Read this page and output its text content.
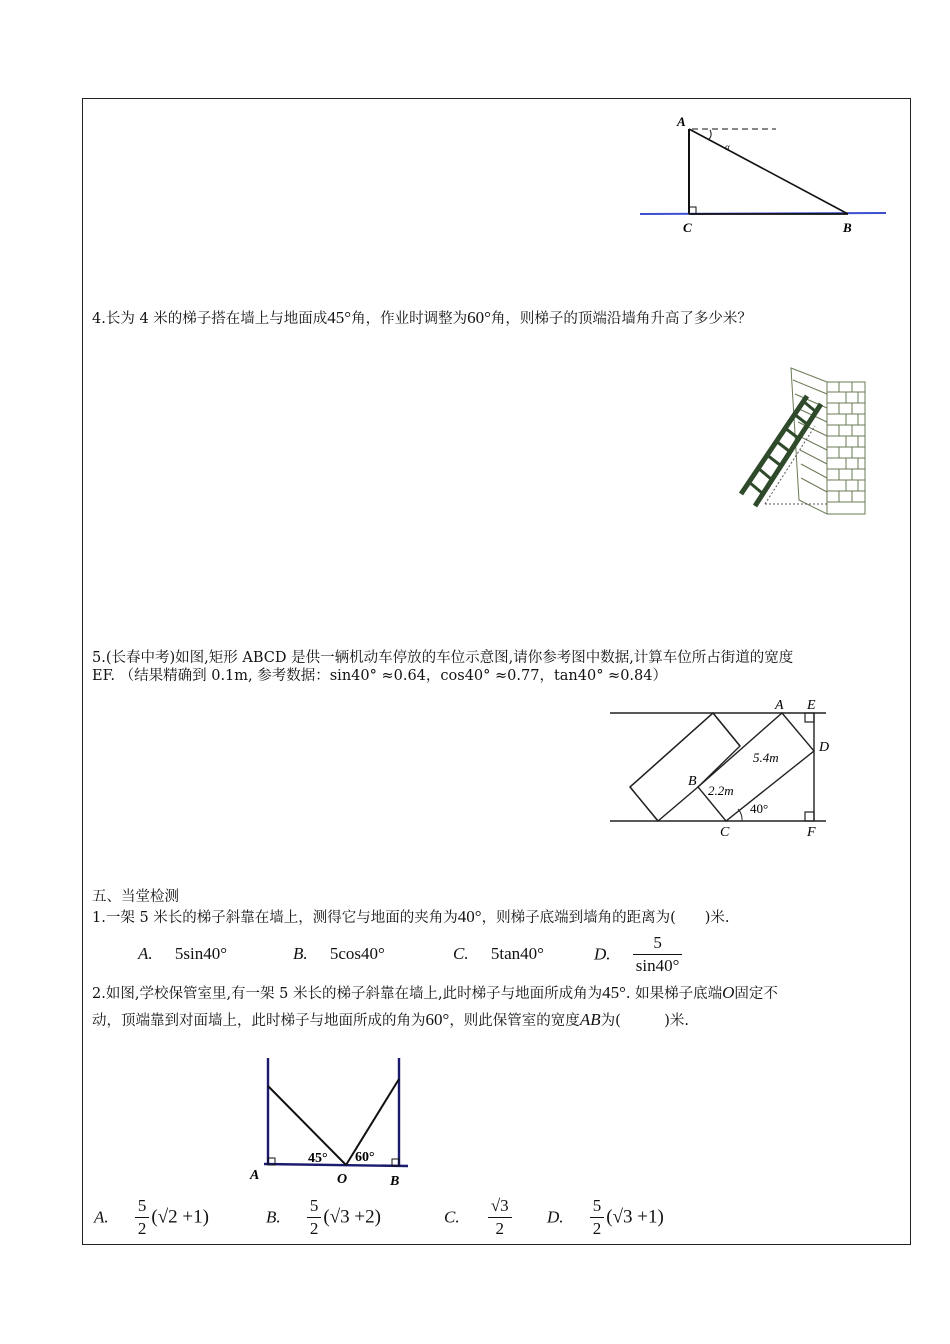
A
α
C	B
4.长为 4 米的梯子搭在墙上与地面成45°角，作业时调整为60°角，则梯子的顶端沿墙角升高了多少米？
5.(长春中考)如图,矩形 ABCD 是供一辆机动车停放的车位示意图,请你参考图中数据,计算车位所占街道的宽度
EF. （结果精确到 0.1m, 参考数据：sin40° ≈0.64，cos40° ≈0.77，tan40° ≈0.84）
A E
D
B
C	F
5.4m
2.2m
40°
五、当堂检测
1.一架 5 米长的梯子斜靠在墙上，测得它与地面的夹角为40°，则梯子底端到墙角的距离为(　　)米.
A. 5sin40°	B. 5cos40°	C. 5tan40°	D. $\frac{5}{\sin 40^\circ}$
2.如图,学校保管室里,有一架 5 米长的梯子斜靠在墙上,此时梯子与地面所成角为45°. 如果梯子底端O固定不
动，顶端靠到对面墙上，此时梯子与地面所成的角为60°，则此保管室的宽度AB为(　　　)米.
45° 60°
A	O	B
A. $\frac{5}{2} (√2 +1)$	B. $\frac{5}{2} (√3 +2)$	C. $\frac{√3}{2} D$. $\frac{5}{2} (√3 +1)$
